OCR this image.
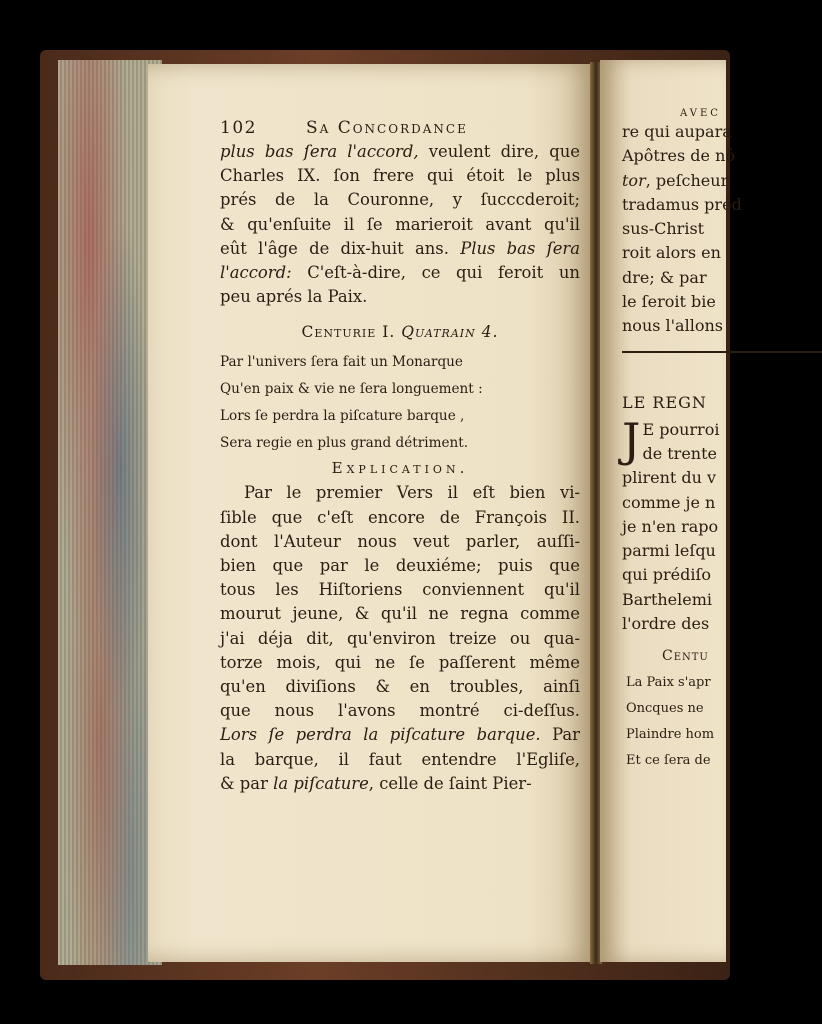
102	Sa Concordance
plus bas ſera l'accord, veulent dire, que
Charles IX. ſon frere qui étoit le plus
prés de la Couronne, y ſucccderoit;
& qu'enſuite il ſe marieroit avant qu'il
eût l'âge de dix-huit ans. Plus bas ſera
l'accord: C'eſt-à-dire, ce qui feroit un
peu aprés la Paix.
Centurie I. Quatrain 4.
Par l'univers ſera fait un Monarque
Qu'en paix & vie ne ſera longuement :
Lors ſe perdra la piſcature barque ,
Sera regie en plus grand détriment.
Explication.
Par le premier Vers il eſt bien vi-
ſible que c'eſt encore de François II.
dont l'Auteur nous veut parler, auſſi-
bien que par le deuxiéme; puis que
tous les Hiſtoriens conviennent qu'il
mourut jeune, & qu'il ne regna comme
j'ai déja dit, qu'environ treize ou qua-
torze mois, qui ne ſe paſſerent même
qu'en diviſions & en troubles, ainſi
que nous l'avons montré ci-deſſus.
Lors ſe perdra la piſcature barque. Par
la barque, il faut entendre l'Egliſe,
& par la piſcature, celle de ſaint Pier-
avec
re qui aupara
Apôtres de nô
tor, peſcheur
tradamus préd
sus-Christ
roit alors en
dre; & par
le ſeroit bie
nous l'allons
LE REGN
J E pourroi
de trente
plirent du v
comme je n
je n'en rapo
parmi leſqu
qui prédiſo
Barthelemi
l'ordre des
Centu
La Paix s'apr
Oncques ne
Plaindre hom
Et ce ſera de
